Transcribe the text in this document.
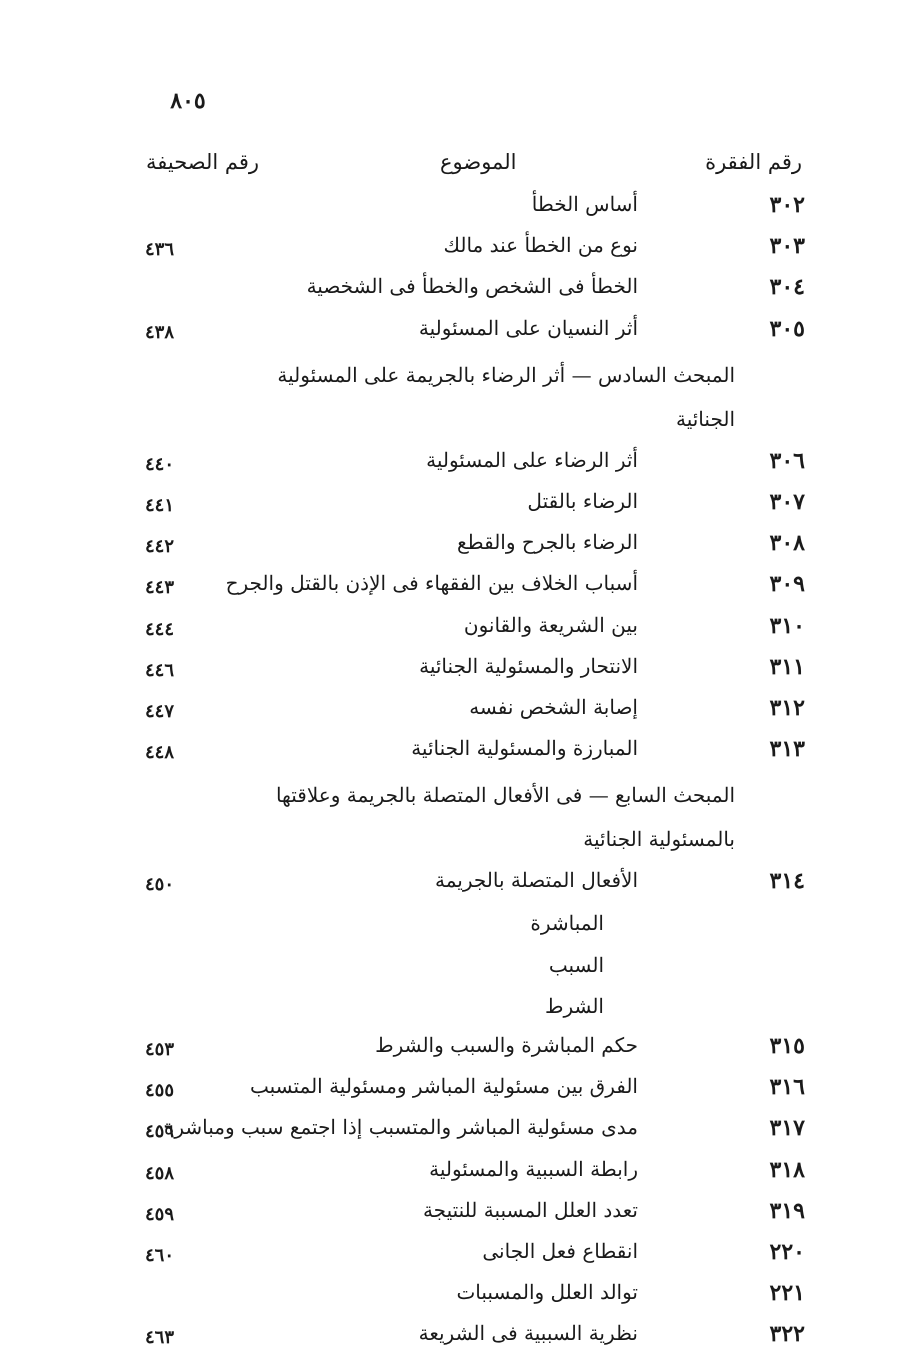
٨٠٥
رقم الفقرة
الموضوع
رقم الصحيفة
٣٠٢
أساس الخطأ
٣٠٣
نوع من الخطأ عند مالك
٤٣٦
٣٠٤
الخطأ فى الشخص والخطأ فى الشخصية
٣٠٥
أثر النسيان على المسئولية
٤٣٨
المبحث السادس — أثر الرضاء بالجريمة على المسئولية الجنائية
٣٠٦
أثر الرضاء على المسئولية
٤٤٠
٣٠٧
الرضاء بالقتل
٤٤١
٣٠٨
الرضاء بالجرح والقطع
٤٤٢
٣٠٩
أسباب الخلاف بين الفقهاء فى الإذن بالقتل والجرح
٤٤٣
٣١٠
بين الشريعة والقانون
٤٤٤
٣١١
الانتحار والمسئولية الجنائية
٤٤٦
٣١٢
إصابة الشخص نفسه
٤٤٧
٣١٣
المبارزة والمسئولية الجنائية
٤٤٨
المبحث السابع — فى الأفعال المتصلة بالجريمة وعلاقتها بالمسئولية الجنائية
٣١٤
الأفعال المتصلة بالجريمة
٤٥٠
المباشرة
السبب
الشرط
٣١٥
حكم المباشرة والسبب والشرط
٤٥٣
٣١٦
الفرق بين مسئولية المباشر ومسئولية المتسبب
٤٥٥
٣١٧
مدى مسئولية المباشر والمتسبب إذا اجتمع سبب ومباشرة
٤٥٦
٣١٨
رابطة السببية والمسئولية
٤٥٨
٣١٩
تعدد العلل المسببة للنتيجة
٤٥٩
٢٢٠
انقطاع فعل الجانى
٤٦٠
٢٢١
توالد العلل والمسببات
٣٢٢
نظرية السببية فى الشريعة
٤٦٣
